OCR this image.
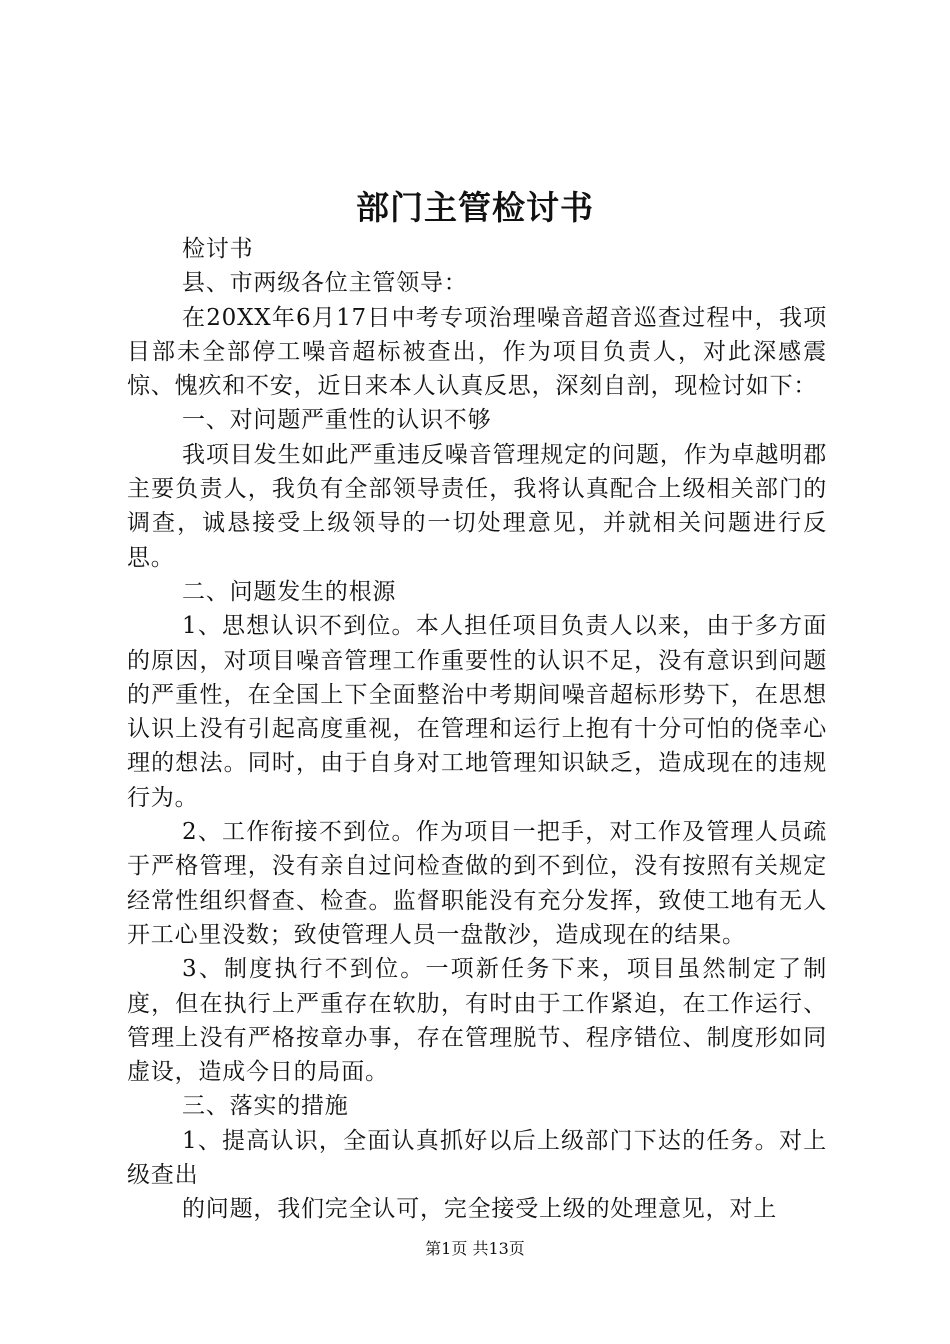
部门主管检讨书

检讨书

县、市两级各位主管领导：

在20XX年6月17日中考专项治理噪音超音巡查过程中，我项目部未全部停工噪音超标被查出，作为项目负责人，对此深感震惊、愧疚和不安，近日来本人认真反思，深刻自剖，现检讨如下：

一、对问题严重性的认识不够

我项目发生如此严重违反噪音管理规定的问题，作为卓越明郡主要负责人，我负有全部领导责任，我将认真配合上级相关部门的调查，诚恳接受上级领导的一切处理意见，并就相关问题进行反思。

二、问题发生的根源

1、思想认识不到位。本人担任项目负责人以来，由于多方面的原因，对项目噪音管理工作重要性的认识不足，没有意识到问题的严重性，在全国上下全面整治中考期间噪音超标形势下，在思想认识上没有引起高度重视，在管理和运行上抱有十分可怕的侥幸心理的想法。同时，由于自身对工地管理知识缺乏，造成现在的违规行为。

2、工作衔接不到位。作为项目一把手，对工作及管理人员疏于严格管理，没有亲自过问检查做的到不到位，没有按照有关规定经常性组织督查、检查。监督职能没有充分发挥，致使工地有无人开工心里没数；致使管理人员一盘散沙，造成现在的结果。

3、制度执行不到位。一项新任务下来，项目虽然制定了制度，但在执行上严重存在软肋，有时由于工作紧迫，在工作运行、管理上没有严格按章办事，存在管理脱节、程序错位、制度形如同虚设，造成今日的局面。

三、落实的措施

1、提高认识，全面认真抓好以后上级部门下达的任务。对上级查出

的问题，我们完全认可，完全接受上级的处理意见，对上

第1页 共13页
